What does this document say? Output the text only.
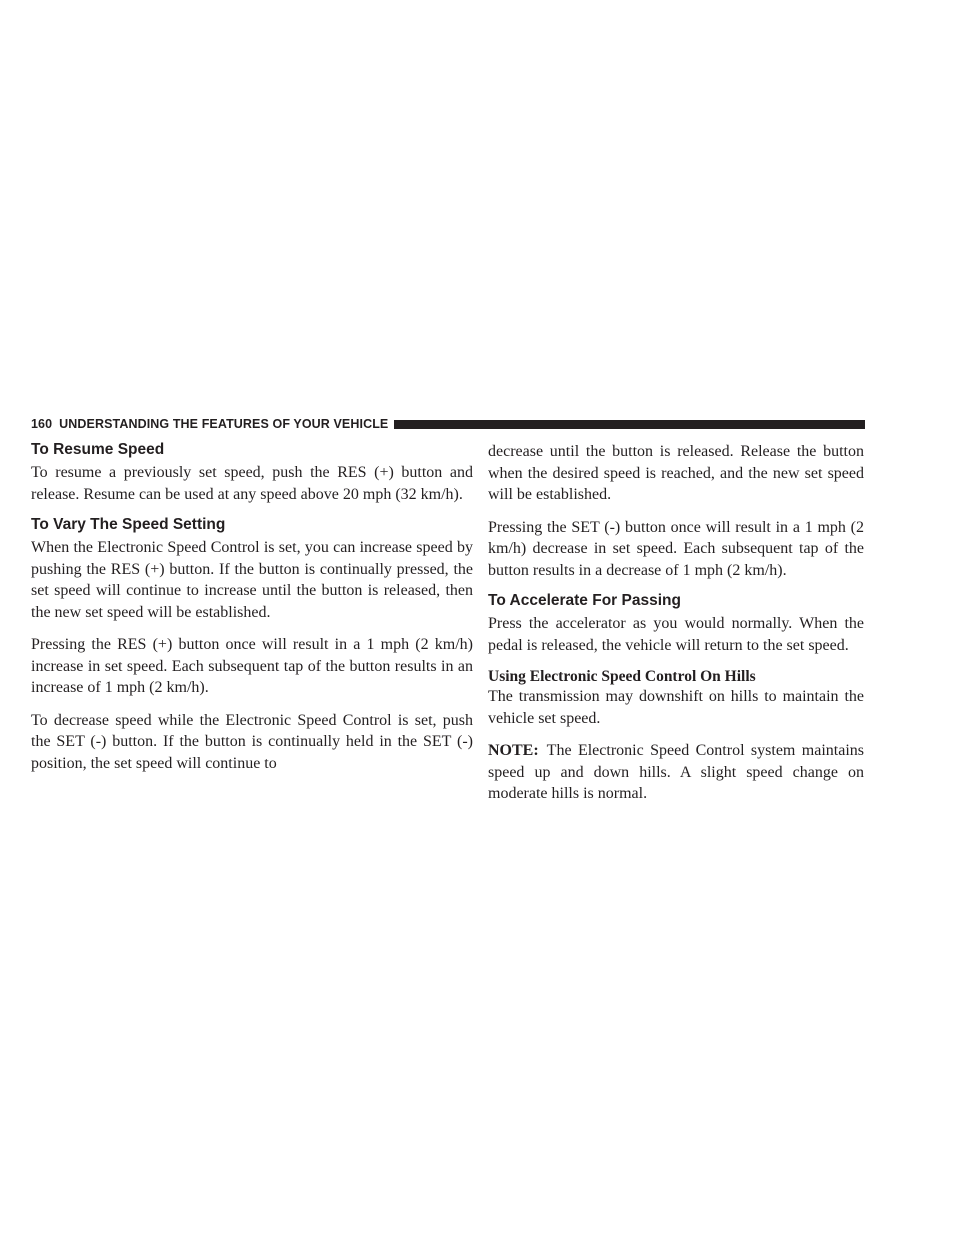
160 UNDERSTANDING THE FEATURES OF YOUR VEHICLE
To Resume Speed

To resume a previously set speed, push the RES (+) button and release. Resume can be used at any speed above 20 mph (32 km/h).

To Vary The Speed Setting

When the Electronic Speed Control is set, you can increase speed by pushing the RES (+) button. If the button is continually pressed, the set speed will continue to increase until the button is released, then the new set speed will be established.

Pressing the RES (+) button once will result in a 1 mph (2 km/h) increase in set speed. Each subsequent tap of the button results in an increase of 1 mph (2 km/h).

To decrease speed while the Electronic Speed Control is set, push the SET (-) button. If the button is continually held in the SET (-) position, the set speed will continue to

decrease until the button is released. Release the button when the desired speed is reached, and the new set speed will be established.

Pressing the SET (-) button once will result in a 1 mph (2 km/h) decrease in set speed. Each subsequent tap of the button results in a decrease of 1 mph (2 km/h).

To Accelerate For Passing

Press the accelerator as you would normally. When the pedal is released, the vehicle will return to the set speed.

Using Electronic Speed Control On Hills

The transmission may downshift on hills to maintain the vehicle set speed.

NOTE: The Electronic Speed Control system maintains speed up and down hills. A slight speed change on moderate hills is normal.
